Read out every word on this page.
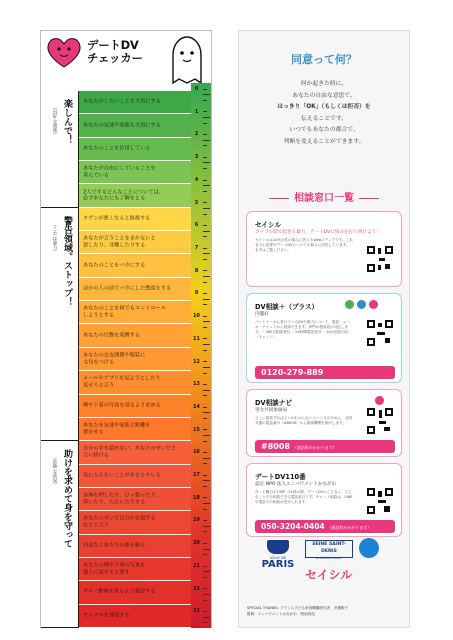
デートDV
チェッカー
あなたがしたいことを大切にする
あなたの友達や家族も大切にする
あなたのことを信用している
あなたが自由にしていることを
喜んでいる
2人でするどんなことについては、
必ずあなたにも了解をとる
キゲンが悪くなると無視する
あなたが言うことをきかないと
怒したり、非難したりする
あなたのことをバカにする
ほかの人の前でバカにした態度をする
あなたのことを何でもコントロール
しようとする
あなたの行動を束縛する
あなたの交友関係や服装に
文句をつける
メールやアプリを見ようとしたり
見せろと言う
裸や下着の写真を送るよう求める
あなたを友達や家族と距離を
置かせる
自分の非を認めない。あなたのせいだと
言い続ける
気に入らないことがあるとキレる
身体を押したり、ひっ張ったり、
叩いたり、たたいたりする
あなたのせいで自分が自殺する
などと言う
同意なくあなたの体を触る
あなたの裸や下着の写真を
他人に見せると脅す
ポルノ動画を見るよう強要する
セックスを強要する
楽しんで！
（良好な関係）
警告領域。ストップ！
（これは暴力）
助けを求めて身を守って
（危険な状況）
0
1
2
3
4
5
6
7
8
9
10
11
12
13
14
15
16
17
18
19
20
21
22
23
同意って何？
何か起きた時に、
あなたの自由な意思で、
はっきり「OK」（もしくは拒否）を
伝えることです。
いつでもあなたの都合で、
判断を変えることができます。
相談窓口一覧
セイシル
カップル間で起きる暴力、デートDVに悩みを打ち明けよう！
セイシルは10代の性の悩みに答えるWebメディアです。これまでの恋愛やデートDVについての悩みに回答しています。まずはご覧ください。
DV相談＋（プラス）
内閣府
パートナーから受けているDVや暴力について、電話・メール・チャットから相談できます。専門の相談員が対応します。・365日相談受付 ・24時間電話受付 ・10か国語対応（チャット）
0120-279-889
DV相談ナビ
男女共同参画局
どこに相談すればよいかわからないという方のために、全国共通の電話番号（#8008）から相談機関を案内します。
#8008 （通話料がかかります）
デートDV110番
認定 NPO 法人エンパワメントかながわ
月〜土曜日の19時〜21時の間、デートDVのことなら、どんなことでも相談できる電話窓口です。チャット相談は、LINE や電話での相談が受けられます。
050-3204-0404 （通話料がかかります）
VILLE DE
PARIS
SEINE SAINT-DENIS
LE DÉPARTEMENT
セイシル
SPECIAL THANKS: フランス子ども家庭機構研究者　安積明子
監修：エンパワメントかながわ　阿部真紀
